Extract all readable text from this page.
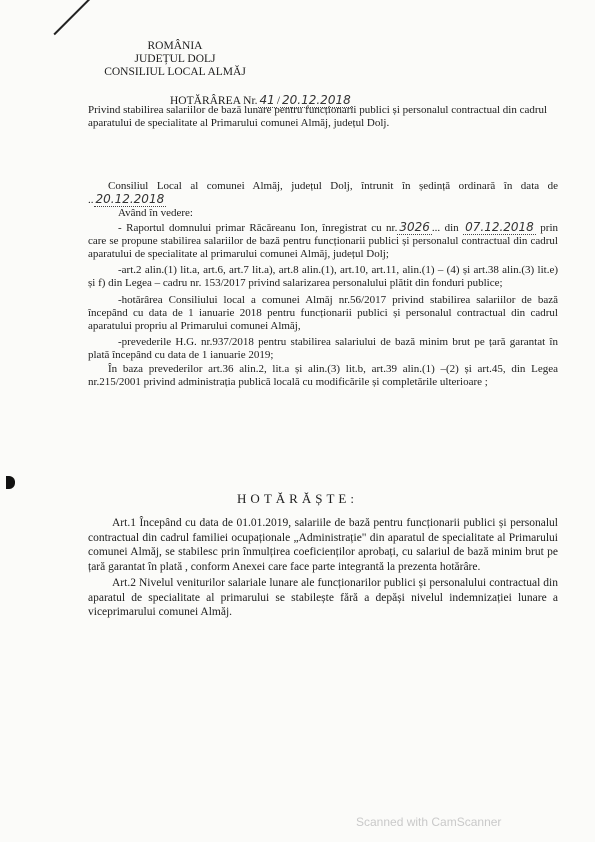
ROMÂNIA
JUDEȚUL DOLJ
CONSILIUL LOCAL ALMĂJ
HOTĂRÂREA Nr. 41 / 20.12.2018
Privind stabilirea salariilor de bază lunare pentru funcționarii publici și personalul contractual din cadrul aparatului de specialitate al Primarului comunei Almăj, județul Dolj.

Consiliul Local al comunei Almăj, județul Dolj, întrunit în ședință ordinară în data de .. 20.12.2018

Având în vedere:

- Raportul domnului primar Răcăreanu Ion, înregistrat cu nr. 3026 ... din 07.12.2018 prin care se propune stabilirea salariilor de bază pentru funcționarii publici și personalul contractual din cadrul aparatului de specialitate al primarului comunei Almăj, județul Dolj;

-art.2 alin.(1) lit.a, art.6, art.7 lit.a), art.8 alin.(1), art.10, art.11, alin.(1) – (4) și art.38 alin.(3) lit.e) și f) din Legea – cadru nr. 153/2017 privind salarizarea personalului plătit din fonduri publice;

-hotărârea Consiliului local a comunei Almăj nr.56/2017 privind stabilirea salariilor de bază începând cu data de 1 ianuarie 2018 pentru funcționarii publici și personalul contractual din cadrul aparatului propriu al Primarului comunei Almăj,

-prevederile H.G. nr.937/2018 pentru stabilirea salariului de bază minim brut pe țară garantat în plată începând cu data de 1 ianuarie 2019;

În baza prevederilor art.36 alin.2, lit.a și alin.(3) lit.b, art.39 alin.(1) –(2) și art.45, din Legea nr.215/2001 privind administrația publică locală cu modificările și completările ulterioare ;

HOTĂRĂȘTE:

Art.1 Începând cu data de 01.01.2019, salariile de bază pentru funcționarii publici și personalul contractual din cadrul familiei ocupaționale „Administrație" din aparatul de specialitate al Primarului comunei Almăj, se stabilesc prin înmulțirea coeficienților aprobați, cu salariul de bază minim brut pe țară garantat în plată , conform Anexei care face parte integrantă la prezenta hotărâre.

Art.2 Nivelul veniturilor salariale lunare ale funcționarilor publici și personalului contractual din aparatul de specialitate al primarului se stabilește fără a depăși nivelul indemnizației lunare a viceprimarului comunei Almăj.

Scanned with CamScanner
